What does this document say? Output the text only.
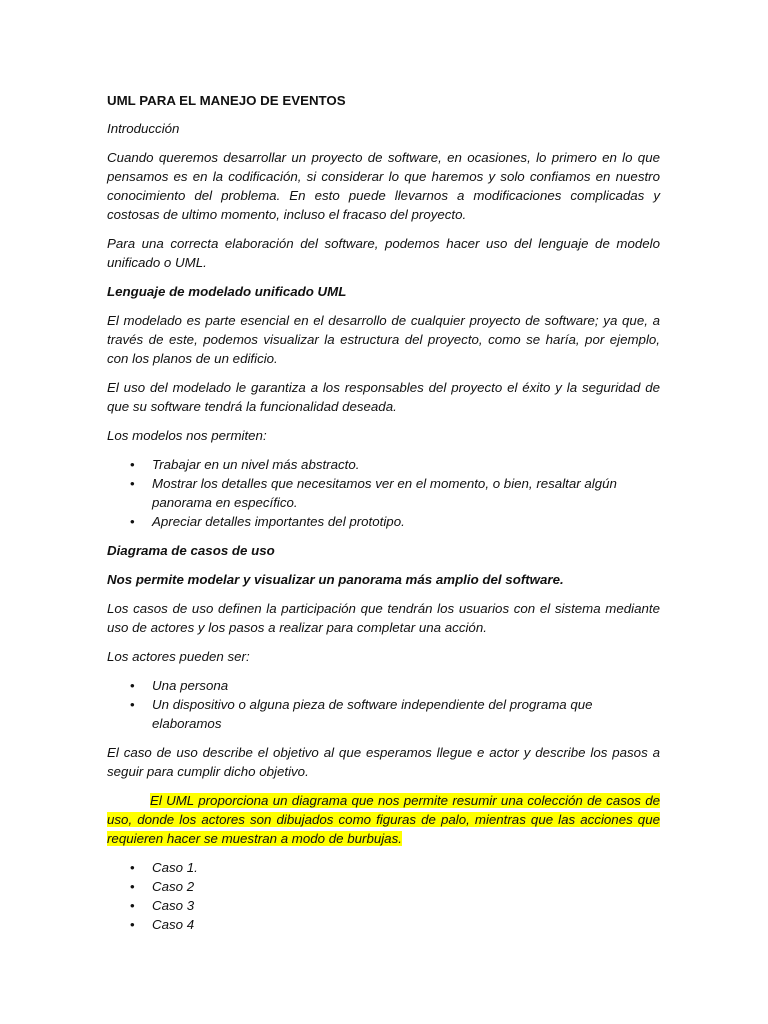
UML PARA EL MANEJO DE EVENTOS

Introducción

Cuando queremos desarrollar un proyecto de software, en ocasiones, lo primero en lo que pensamos es en la codificación, si considerar lo que haremos y solo confiamos en nuestro conocimiento del problema. En esto puede llevarnos a modificaciones complicadas y costosas de ultimo momento, incluso el fracaso del proyecto.

Para una correcta elaboración del software, podemos hacer uso del lenguaje de modelo unificado o UML.

Lenguaje de modelado unificado UML

El modelado es parte esencial en el desarrollo de cualquier proyecto de software; ya que, a través de este, podemos visualizar la estructura del proyecto, como se haría, por ejemplo, con los planos de un edificio.

El uso del modelado le garantiza a los responsables del proyecto el éxito y la seguridad de que su software tendrá la funcionalidad deseada.

Los modelos nos permiten:

• Trabajar en un nivel más abstracto.
• Mostrar los detalles que necesitamos ver en el momento, o bien, resaltar algún panorama en específico.
• Apreciar detalles importantes del prototipo.

Diagrama de casos de uso

Nos permite modelar y visualizar un panorama más amplio del software.

Los casos de uso definen la participación que tendrán los usuarios con el sistema mediante uso de actores y los pasos a realizar para completar una acción.

Los actores pueden ser:

• Una persona
• Un dispositivo o alguna pieza de software independiente del programa que elaboramos

El caso de uso describe el objetivo al que esperamos llegue e actor y describe los pasos a seguir para cumplir dicho objetivo.

El UML proporciona un diagrama que nos permite resumir una colección de casos de uso, donde los actores son dibujados como figuras de palo, mientras que las acciones que requieren hacer se muestran a modo de burbujas.

• Caso 1.
• Caso 2
• Caso 3
• Caso 4
